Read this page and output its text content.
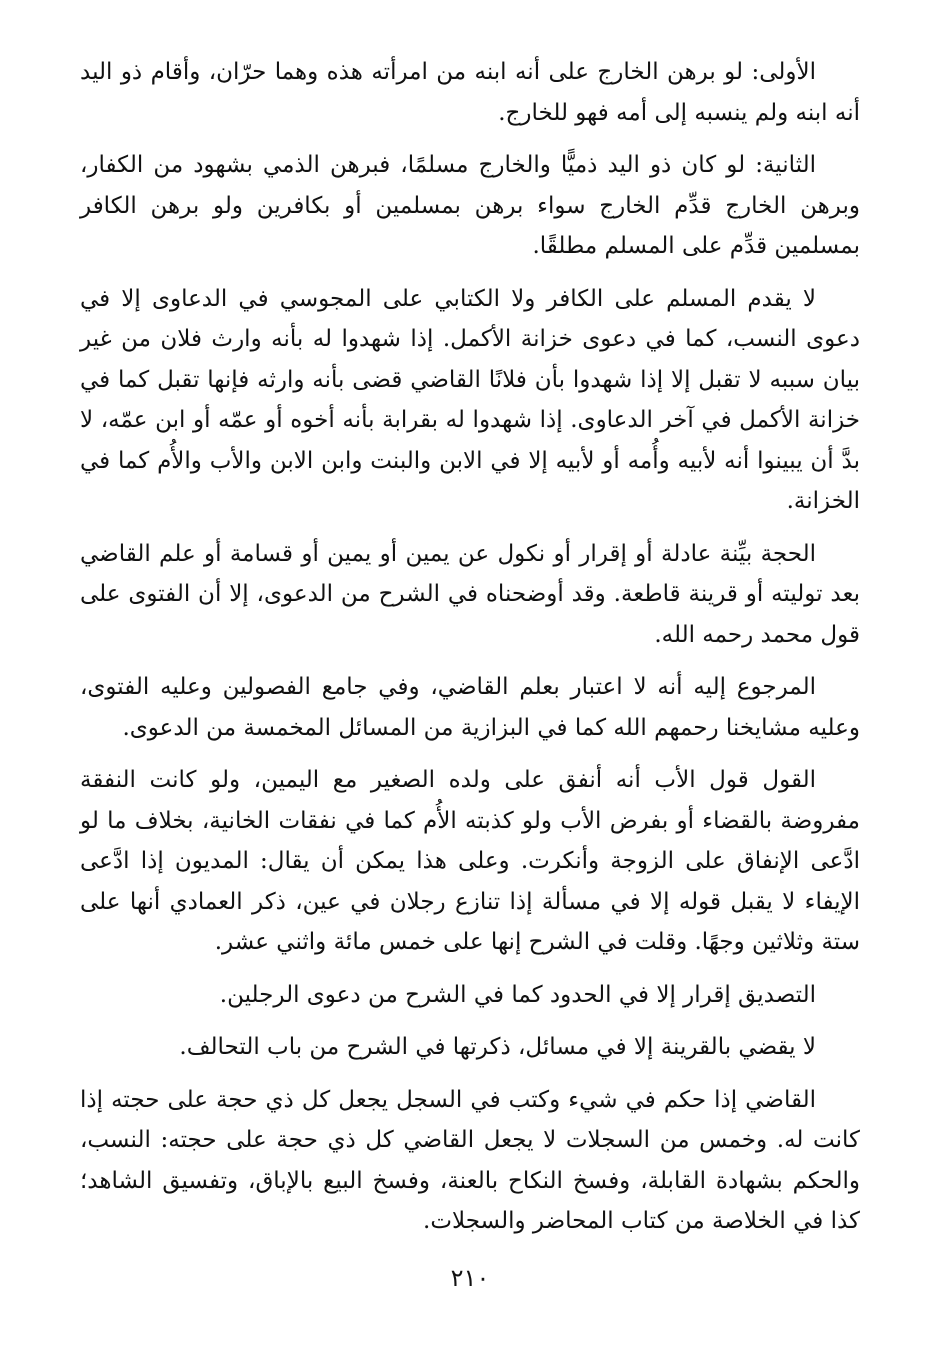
الأولى: لو برهن الخارج على أنه ابنه من امرأته هذه وهما حرّان، وأقام ذو اليد أنه ابنه ولم ينسبه إلى أمه فهو للخارج.

الثانية: لو كان ذو اليد ذميًّا والخارج مسلمًا، فبرهن الذمي بشهود من الكفار، وبرهن الخارج قدِّم الخارج سواء برهن بمسلمين أو بكافرين ولو برهن الكافر بمسلمين قدِّم على المسلم مطلقًا.

لا يقدم المسلم على الكافر ولا الكتابي على المجوسي في الدعاوى إلا في دعوى النسب، كما في دعوى خزانة الأكمل. إذا شهدوا له بأنه وارث فلان من غير بيان سببه لا تقبل إلا إذا شهدوا بأن فلانًا القاضي قضى بأنه وارثه فإنها تقبل كما في خزانة الأكمل في آخر الدعاوى. إذا شهدوا له بقرابة بأنه أخوه أو عمّه أو ابن عمّه، لا بدَّ أن يبينوا أنه لأبيه وأُمه أو لأبيه إلا في الابن والبنت وابن الابن والأب والأُم كما في الخزانة.

الحجة بيِّنة عادلة أو إقرار أو نكول عن يمين أو يمين أو قسامة أو علم القاضي بعد توليته أو قرينة قاطعة. وقد أوضحناه في الشرح من الدعوى، إلا أن الفتوى على قول محمد رحمه الله.

المرجوع إليه أنه لا اعتبار بعلم القاضي، وفي جامع الفصولين وعليه الفتوى، وعليه مشايخنا رحمهم الله كما في البزازية من المسائل المخمسة من الدعوى.

القول قول الأب أنه أنفق على ولده الصغير مع اليمين، ولو كانت النفقة مفروضة بالقضاء أو بفرض الأب ولو كذبته الأُم كما في نفقات الخانية، بخلاف ما لو ادَّعى الإنفاق على الزوجة وأنكرت. وعلى هذا يمكن أن يقال: المديون إذا ادَّعى الإيفاء لا يقبل قوله إلا في مسألة إذا تنازع رجلان في عين، ذكر العمادي أنها على ستة وثلاثين وجهًا. وقلت في الشرح إنها على خمس مائة واثني عشر.

التصديق إقرار إلا في الحدود كما في الشرح من دعوى الرجلين.

لا يقضي بالقرينة إلا في مسائل، ذكرتها في الشرح من باب التحالف.

القاضي إذا حكم في شيء وكتب في السجل يجعل كل ذي حجة على حجته إذا كانت له. وخمس من السجلات لا يجعل القاضي كل ذي حجة على حجته: النسب، والحكم بشهادة القابلة، وفسخ النكاح بالعنة، وفسخ البيع بالإباق، وتفسيق الشاهد؛ كذا في الخلاصة من كتاب المحاضر والسجلات.

٢١٠
